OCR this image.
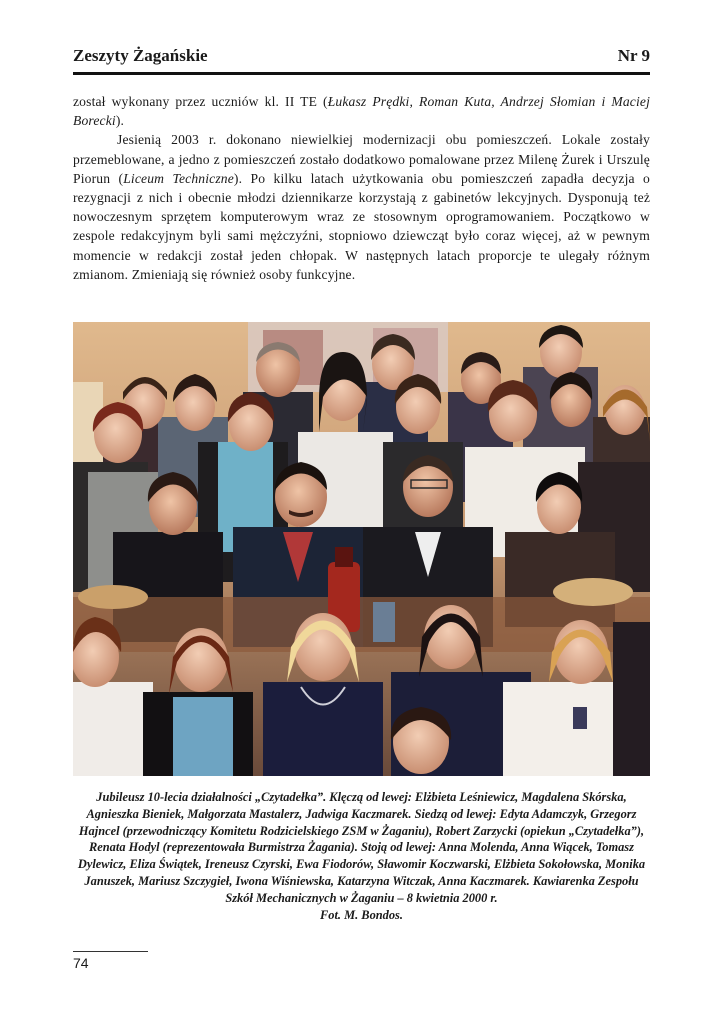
Zeszyty Żagańskie	Nr 9

został wykonany przez uczniów kl. II TE (Łukasz Prędki, Roman Kuta, Andrzej Słomian i Maciej Borecki).

Jesienią 2003 r. dokonano niewielkiej modernizacji obu pomieszczeń. Lokale zostały przemeblowane, a jedno z pomieszczeń zostało dodatkowo pomalowane przez Milenę Żurek i Urszulę Piorun (Liceum Techniczne). Po kilku latach użytkowania obu pomieszczeń zapadła decyzja o rezygnacji z nich i obecnie młodzi dziennikarze korzystają z gabinetów lekcyjnych. Dysponują też nowoczesnym sprzętem komputerowym wraz ze stosownym oprogramowaniem. Początkowo w zespole redakcyjnym byli sami mężczyźni, stopniowo dziewcząt było coraz więcej, aż w pewnym momencie w redakcji został jeden chłopak. W następnych latach proporcje te ulegały różnym zmianom. Zmieniają się również osoby funkcyjne.

Jubileusz 10-lecia działalności „Czytadełka”. Klęczą od lewej: Elżbieta Leśniewicz, Magdalena Skórska, Agnieszka Bieniek, Małgorzata Mastalerz, Jadwiga Kaczmarek. Siedzą od lewej: Edyta Adamczyk, Grzegorz Hajncel (przewodniczący Komitetu Rodzicielskiego ZSM w Żaganiu), Robert Zarzycki (opiekun „Czytadełka”), Renata Hodyl (reprezentowała Burmistrza Żagania). Stoją od lewej: Anna Molenda, Anna Wiącek, Tomasz Dylewicz, Eliza Świątek, Ireneusz Czyrski, Ewa Fiodorów, Sławomir Koczwarski, Elżbieta Sokołowska, Monika Januszek, Mariusz Szczygieł, Iwona Wiśniewska, Katarzyna Witczak, Anna Kaczmarek. Kawiarenka Zespołu Szkół Mechanicznych w Żaganiu – 8 kwietnia 2000 r.
Fot. M. Bondos.
74
